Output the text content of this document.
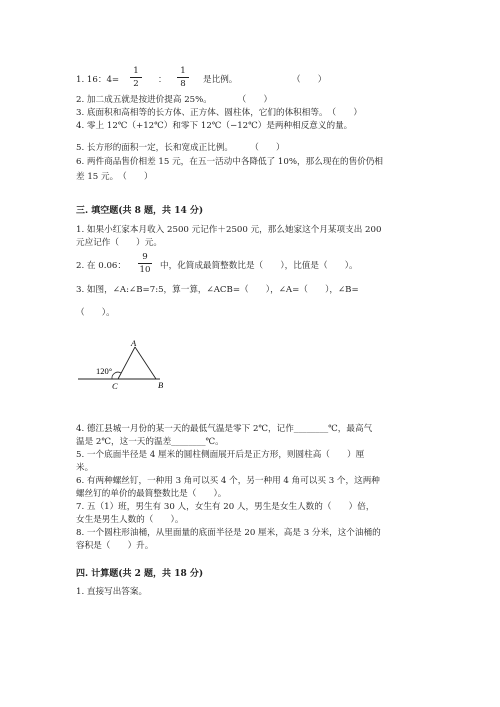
1. 16：$4= \frac{1}{2}$ ： $\frac{1}{8}$ 是比例。	（　　）
2. 加二成五就是按进价提高 25%。　　　　（　　）
3. 底面积和高相等的长方体、正方体、圆柱体，它们的体积相等。　（　　）
4. 零上 12℃（+12℃）和零下 12℃（−12℃）是两种相反意义的量。
5. 长方形的面积一定，长和宽成正比例。　　　（　　）
6. 两件商品售价相差 15 元，在五一活动中各降低了 10%，那么现在的售价仍相
差 15 元。　（　　）
三. 填空题(共 8 题，共 14 分)
1. 如果小红家本月收入 2500 元记作＋2500 元，那么她家这个月某项支出 200
元应记作（　　）元。
2. 在 0.06： $\frac{9}{10}$ 中，化简成最简整数比是（　　），比值是（　　）。
3. 如图，∠A:∠B=7:5，算一算，∠ACB=（　　），∠A=（　　），∠B=
（　　）。
120°
A
B
C
4. 德江县城一月份的某一天的最低气温是零下 2℃，记作________℃，最高气
温是 2℃，这一天的温差________℃。
5. 一个底面半径是 4 厘米的圆柱侧面展开后是正方形，则圆柱高（　　）厘
米。
6. 有两种螺丝钉，一种用 3 角可以买 4 个，另一种用 4 角可以买 3 个，这两种
螺丝钉的单价的最简整数比是（　　）。
7. 五（1）班，男生有 30 人，女生有 20 人，男生是女生人数的（　　）倍，
女生是男生人数的（　　）。
8. 一个圆柱形油桶，从里面量的底面半径是 20 厘米，高是 3 分米，这个油桶的
容积是（　　）升。
四. 计算题(共 2 题，共 18 分)
1. 直接写出答案。
